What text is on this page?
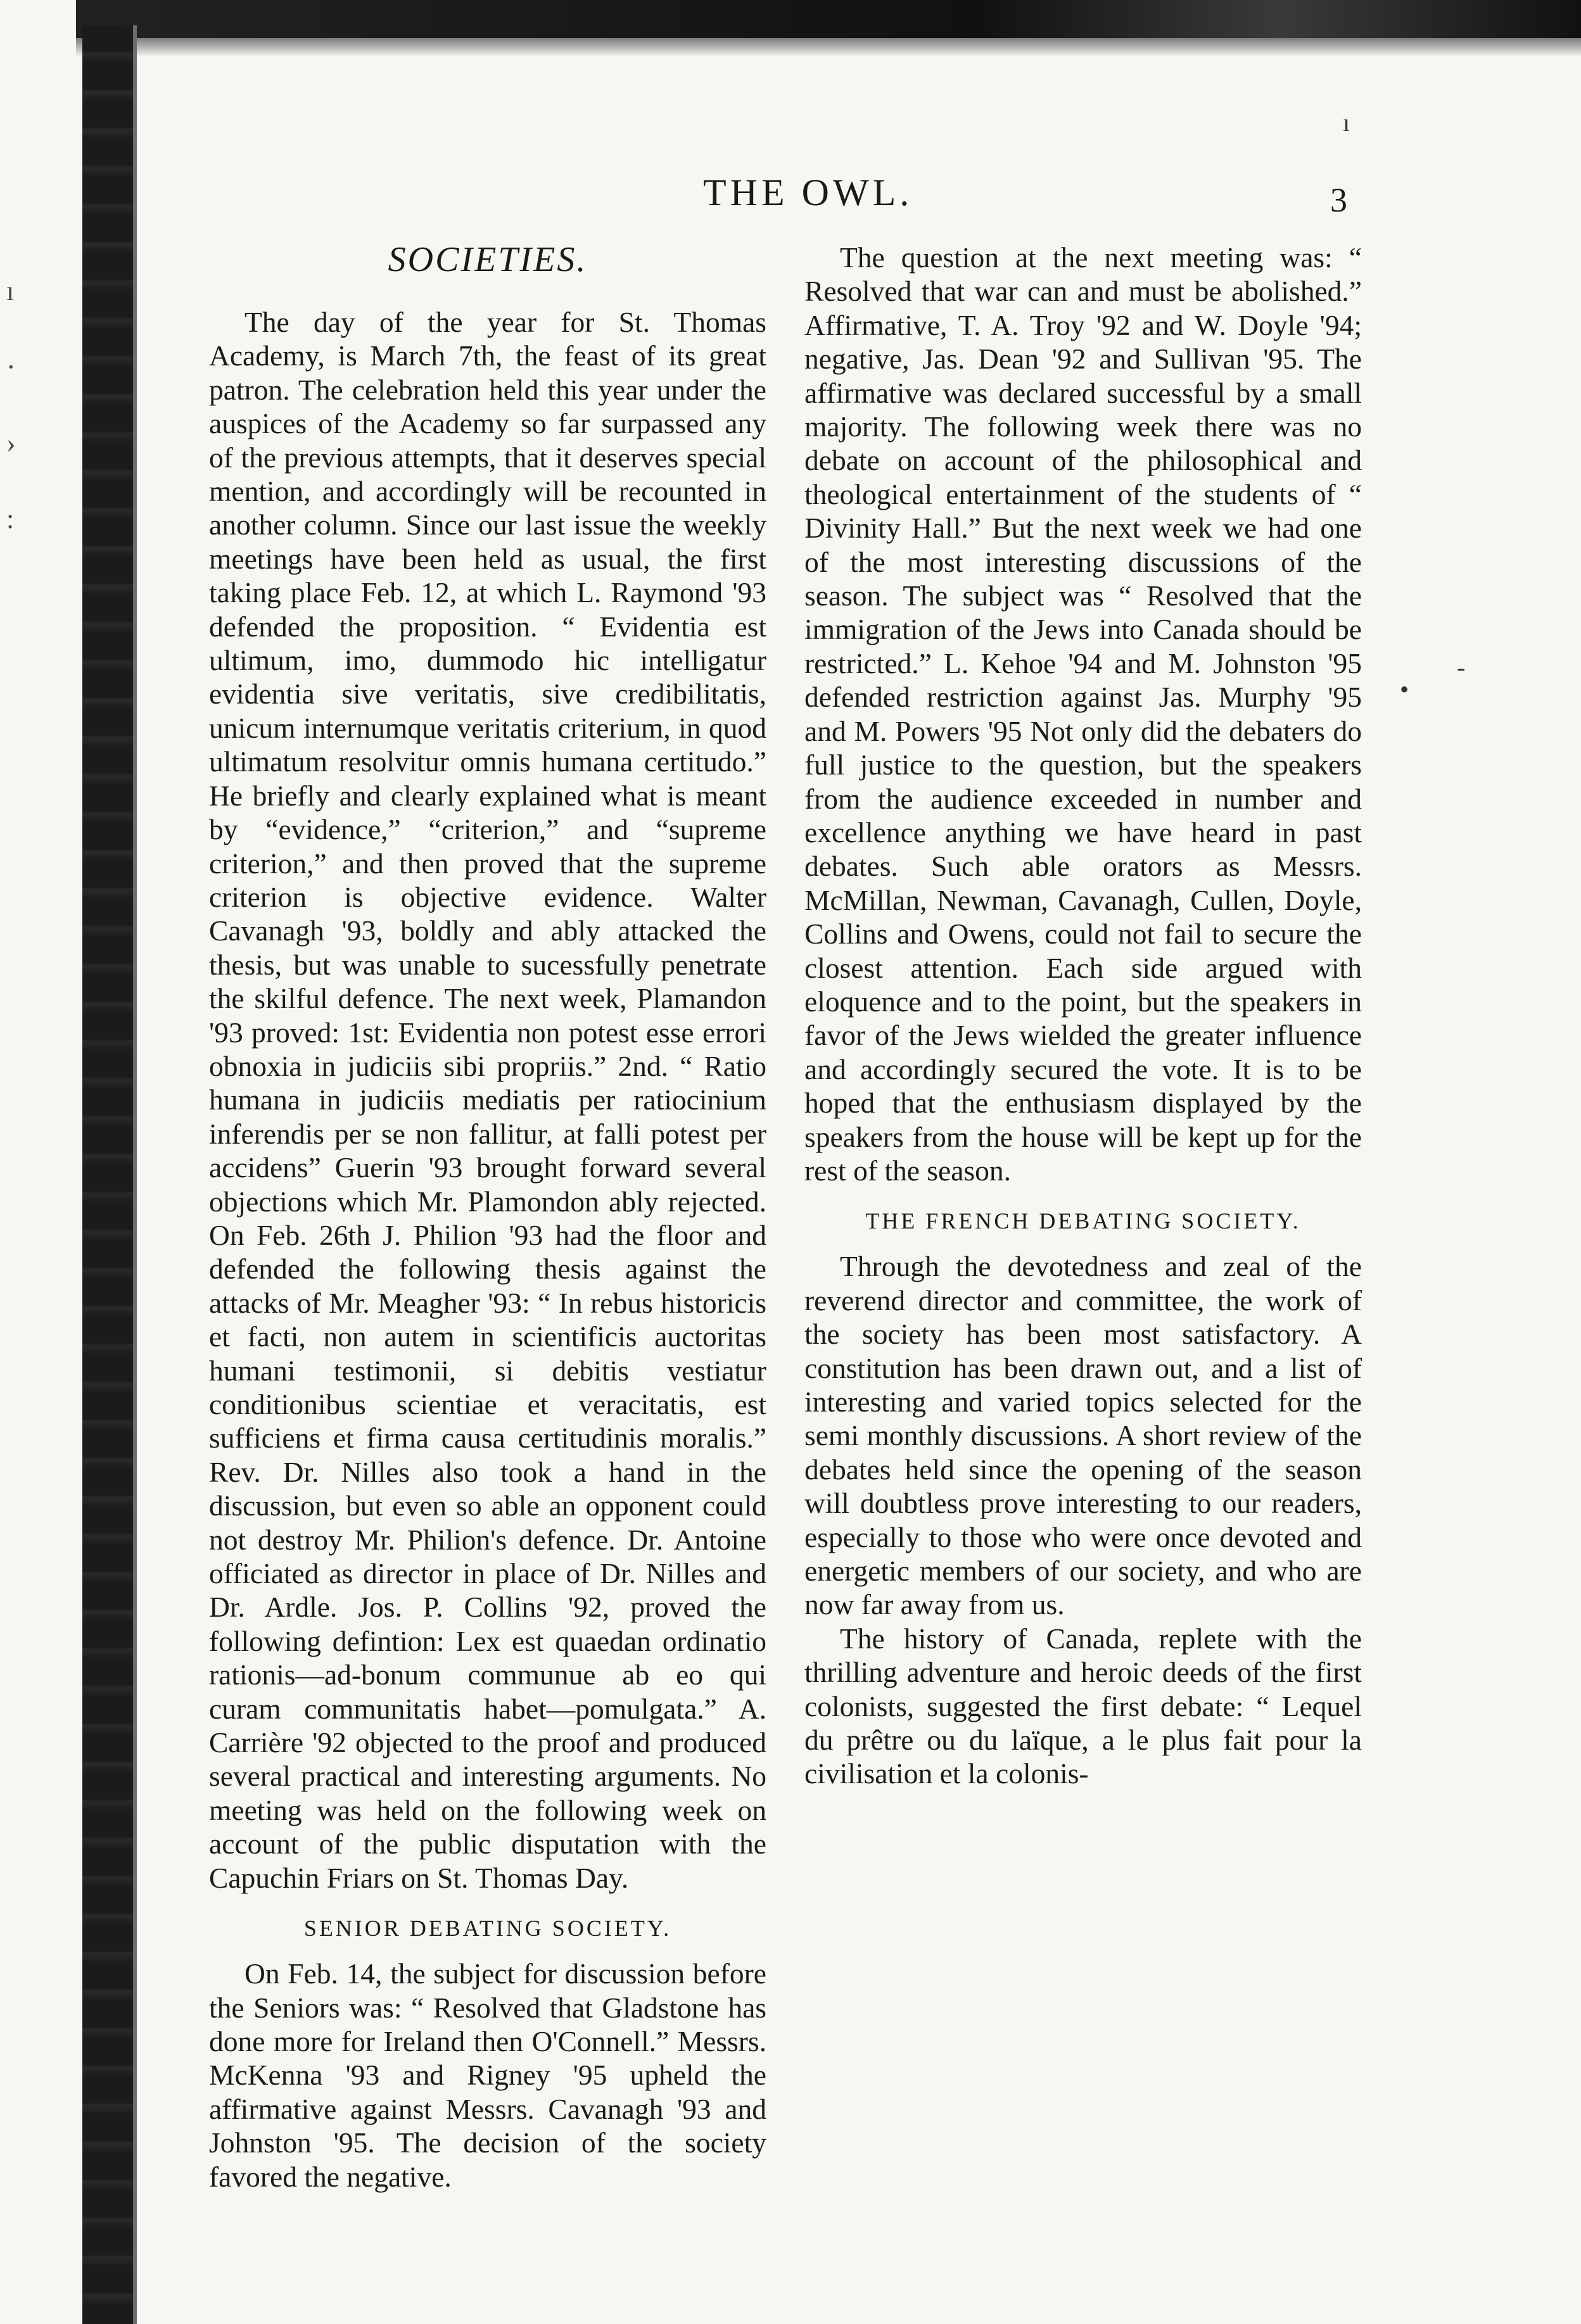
ı
·
›
:
ı
•
-
THE OWL.	3
SOCIETIES.

The day of the year for St. Thomas Academy, is March 7th, the feast of its great patron. The celebration held this year under the auspices of the Academy so far surpassed any of the previous attempts, that it deserves special mention, and accordingly will be recounted in another column. Since our last issue the weekly meetings have been held as usual, the first taking place Feb. 12, at which L. Raymond '93 defended the proposition. “ Evidentia est ultimum, imo, dummodo hic intelligatur evidentia sive veritatis, sive credibilitatis, unicum internumque veritatis criterium, in quod ultimatum resolvitur omnis humana certitudo.” He briefly and clearly explained what is meant by “evidence,” “criterion,” and “supreme criterion,” and then proved that the supreme criterion is objective evidence. Walter Cavanagh '93, boldly and ably attacked the thesis, but was unable to sucessfully penetrate the skilful defence. The next week, Plamandon '93 proved: 1st: Evidentia non potest esse errori obnoxia in judiciis sibi propriis.” 2nd. “ Ratio humana in judiciis mediatis per ratiocinium inferendis per se non fallitur, at falli potest per accidens” Guerin '93 brought forward several objections which Mr. Plamondon ably rejected. On Feb. 26th J. Philion '93 had the floor and defended the following thesis against the attacks of Mr. Meagher '93: “ In rebus historicis et facti, non autem in scientificis auctoritas humani testimonii, si debitis vestiatur conditionibus scientiae et veracitatis, est sufficiens et firma causa certitudinis moralis.” Rev. Dr. Nilles also took a hand in the discussion, but even so able an opponent could not destroy Mr. Philion's defence. Dr. Antoine officiated as director in place of Dr. Nilles and Dr. Ardle. Jos. P. Collins '92, proved the following defintion: Lex est quaedan ordinatio rationis—ad-bonum communue ab eo qui curam communitatis habet—pomulgata.” A. Carrière '92 objected to the proof and produced several practical and interesting arguments. No meeting was held on the following week on account of the public disputation with the Capuchin Friars on St. Thomas Day.

SENIOR DEBATING SOCIETY.

On Feb. 14, the subject for discussion before the Seniors was: “ Resolved that Gladstone has done more for Ireland then O'Connell.” Messrs. McKenna '93 and Rigney '95 upheld the affirmative against Messrs. Cavanagh '93 and Johnston '95. The decision of the society favored the negative.

The question at the next meeting was: “ Resolved that war can and must be abolished.” Affirmative, T. A. Troy '92 and W. Doyle '94; negative, Jas. Dean '92 and Sullivan '95. The affirmative was declared successful by a small majority. The following week there was no debate on account of the philosophical and theological entertainment of the students of “ Divinity Hall.” But the next week we had one of the most interesting discussions of the season. The subject was “ Resolved that the immigration of the Jews into Canada should be restricted.” L. Kehoe '94 and M. Johnston '95 defended restriction against Jas. Murphy '95 and M. Powers '95 Not only did the debaters do full justice to the question, but the speakers from the audience exceeded in number and excellence anything we have heard in past debates. Such able orators as Messrs. McMillan, Newman, Cavanagh, Cullen, Doyle, Collins and Owens, could not fail to secure the closest attention. Each side argued with eloquence and to the point, but the speakers in favor of the Jews wielded the greater influence and accordingly secured the vote. It is to be hoped that the enthusiasm displayed by the speakers from the house will be kept up for the rest of the season.

THE FRENCH DEBATING SOCIETY.

Through the devotedness and zeal of the reverend director and committee, the work of the society has been most satisfactory. A constitution has been drawn out, and a list of interesting and varied topics selected for the semi monthly discussions. A short review of the debates held since the opening of the season will doubtless prove interesting to our readers, especially to those who were once devoted and energetic members of our society, and who are now far away from us.

The history of Canada, replete with the thrilling adventure and heroic deeds of the first colonists, suggested the first debate: “ Lequel du prêtre ou du laïque, a le plus fait pour la civilisation et la colonis-
